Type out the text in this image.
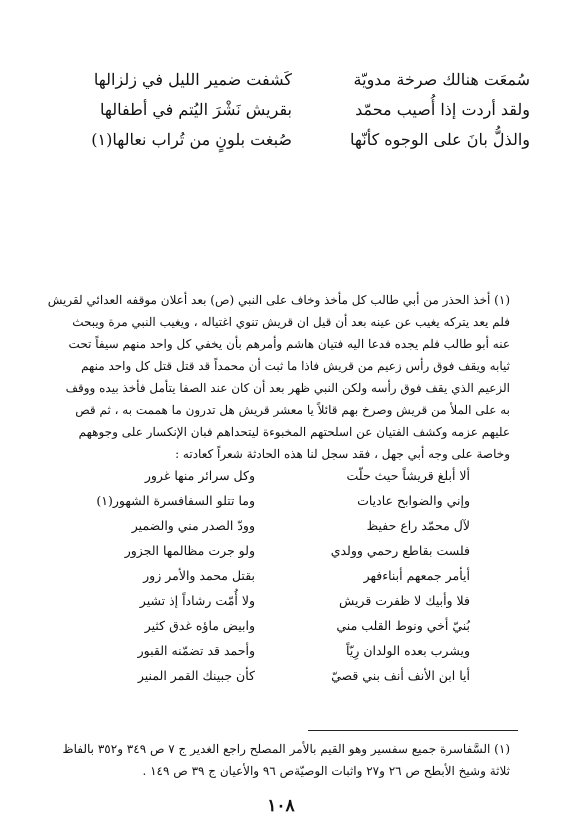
سُمعَت هنالك صرخة مدويّة
كَشفت ضمير الليل في زلزالها
ولقد أردت إذا أُصيب محمّد
بقريش نَشْرَ اليُتم في أطفالها
والذلُّ بانَ على الوجوه كأنّها
صُبغت بلونٍ من تُراب نعالها(١)
(١) أخذ الحذر من أبي طالب كل مأخذ وخاف على النبي (ص) بعد أعلان موقفه العدائي لقريش
فلم يعد يتركه يغيب عن عينه بعد أن قيل ان قريش تنوي اغتياله ، ويغيب النبي مرة ويبحث
عنه أبو طالب فلم يجده فدعا اليه فتيان هاشم وأمرهم بأن يخفي كل واحد منهم سيفاً تحت
ثيابه ويقف فوق رأس زعيم من قريش فاذا ما ثبت أن محمداً قد قتل قتل كل واحد منهم
الزعيم الذي يقف فوق رأسه ولكن النبي ظهر بعد أن كان عند الصفا يتأمل فأخذ بيده ووقف
به على الملأ من قريش وصرخ بهم قائلاً يا معشر قريش هل تدرون ما هممت به ، ثم قص
عليهم عزمه وكشف الفتيان عن اسلحتهم المخبوءة ليتحداهم فبان الإنكسار على وجوههم
وخاصة على وجه أبي جهل ، فقد سجل لنا هذه الحادثة شعراً كعادته :
ألا أبلغ قريشاً حيث حلّت
وكل سرائر منها غرور
وإني والضوابح عاديات
وما تتلو السفافسرة الشهور(١)
لآل محمّد راع حفيظ
وودّ الصدر مني والضمير
فلست بقاطع رحمي وولدي
ولو جرت مظالمها الجزور
أيأمر جمعهم أبناءفهر
بقتل محمد والأمر زور
فلا وأبيك لا ظفرت قريش
ولا أُمّت رشاداً إذ تشير
بُنيّ أخي ونوط القلب مني
وابيض ماؤه غدق كثير
ويشرب بعده الولدان رِيّاً
وأحمد قد تضمّنه القبور
أيا ابن الأنف أنف بني قصيّ
كأن جبينك القمر المنير
(١) السَّفاسرة جميع سفسير وهو القيم بالأمر المصلح راجع الغدير ج ٧ ص ٣٤٩ و٣٥٢ بالفاظ
ثلاثة وشيخ الأبطح ص ٢٦ و٢٧ واثبات الوصيّةص ٩٦ والأعيان ج ٣٩ ص ١٤٩ .
١٠٨
